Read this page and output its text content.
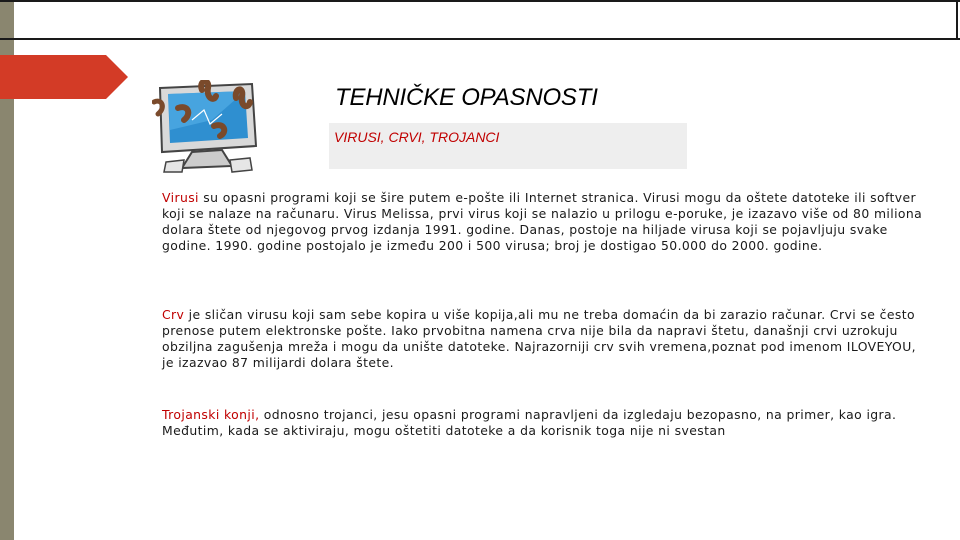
TEHNIČKE OPASNOSTI
VIRUSI, CRVI, TROJANCI

Virusi su opasni programi koji se šire putem e-pošte ili Internet stranica. Virusi mogu da oštete datoteke ili softver koji se nalaze na računaru. Virus Melissa, prvi virus koji se nalazio u prilogu e-poruke, je izazavo više od 80 miliona dolara štete od njegovog prvog izdanja 1991. godine. Danas, postoje na hiljade virusa koji se pojavljuju svake godine. 1990. godine postojalo je između 200 i 500 virusa; broj je dostigao 50.000 do 2000. godine.

Crv je sličan virusu koji sam sebe kopira u više kopija,ali mu ne treba domaćin da bi zarazio računar. Crvi se često prenose putem elektronske pošte. Iako prvobitna namena crva nije bila da napravi štetu, današnji crvi uzrokuju obziljna zagušenja mreža i mogu da unište datoteke. Najrazorniji crv svih vremena,poznat pod imenom ILOVEYOU, je izazvao 87 milijardi dolara štete.

Trojanski konji, odnosno trojanci, jesu opasni programi napravljeni da izgledaju bezopasno, na primer, kao igra. Međutim, kada se aktiviraju, mogu oštetiti datoteke a da korisnik toga nije ni svestan
